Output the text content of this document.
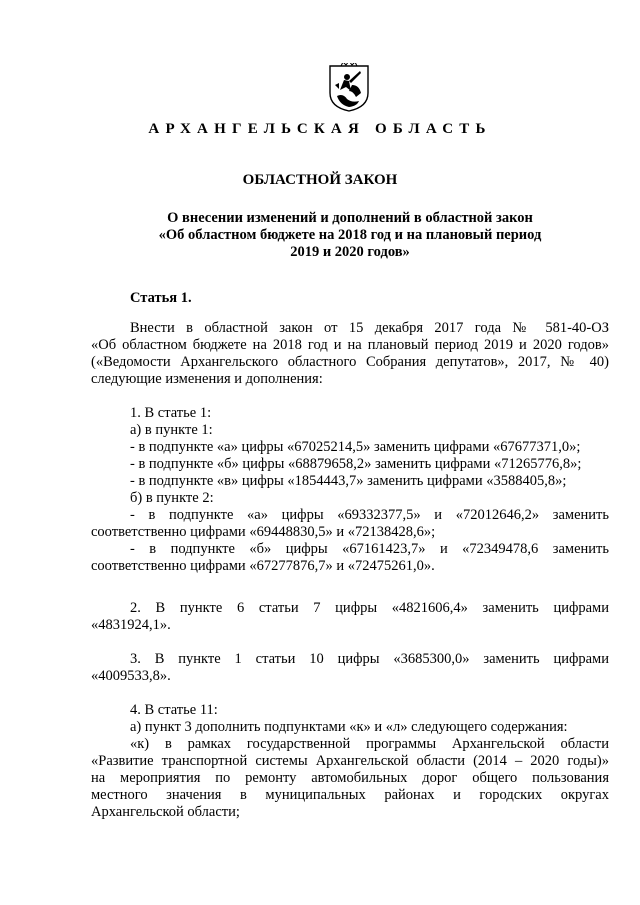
АРХАНГЕЛЬСКАЯ ОБЛАСТЬ
ОБЛАСТНОЙ ЗАКОН
О внесении изменений и дополнений в областной закон
«Об областном бюджете на 2018 год и на плановый период
2019 и 2020 годов»
Статья 1.
Внести в областной закон от 15 декабря 2017 года № 581-40-ОЗ
«Об областном бюджете на 2018 год и на плановый период 2019 и 2020 годов»
(«Ведомости Архангельского областного Собрания депутатов», 2017, № 40)
следующие изменения и дополнения:
1. В статье 1:
а) в пункте 1:
- в подпункте «а» цифры «67025214,5» заменить цифрами «67677371,0»;
- в подпункте «б» цифры «68879658,2» заменить цифрами «71265776,8»;
- в подпункте «в» цифры «1854443,7» заменить цифрами «3588405,8»;
б) в пункте 2:
- в подпункте «а» цифры «69332377,5» и «72012646,2» заменить
соответственно цифрами «69448830,5» и «72138428,6»;
- в подпункте «б» цифры «67161423,7» и «72349478,6 заменить
соответственно цифрами «67277876,7» и «72475261,0».
2. В пункте 6 статьи 7 цифры «4821606,4» заменить цифрами
«4831924,1».
3. В пункте 1 статьи 10 цифры «3685300,0» заменить цифрами
«4009533,8».
4. В статье 11:
а) пункт 3 дополнить подпунктами «к» и «л» следующего содержания:
«к) в рамках государственной программы Архангельской области
«Развитие транспортной системы Архангельской области (2014 – 2020 годы)»
на мероприятия по ремонту автомобильных дорог общего пользования
местного значения в муниципальных районах и городских округах
Архангельской области;
